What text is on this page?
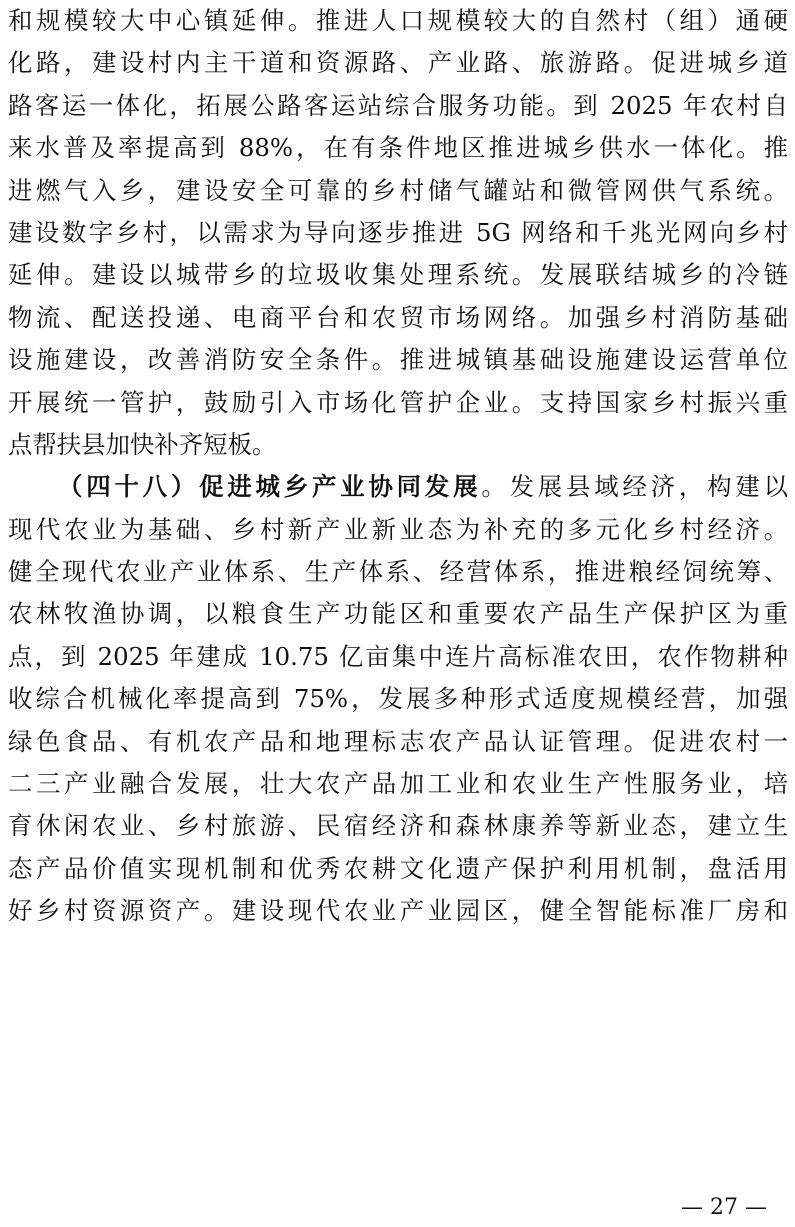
和规模较大中心镇延伸。推进人口规模较大的自然村（组）通硬
化路，建设村内主干道和资源路、产业路、旅游路。促进城乡道
路客运一体化，拓展公路客运站综合服务功能。到 2025 年农村自
来水普及率提高到 88%，在有条件地区推进城乡供水一体化。推
进燃气入乡，建设安全可靠的乡村储气罐站和微管网供气系统。
建设数字乡村，以需求为导向逐步推进 5G 网络和千兆光网向乡村
延伸。建设以城带乡的垃圾收集处理系统。发展联结城乡的冷链
物流、配送投递、电商平台和农贸市场网络。加强乡村消防基础
设施建设，改善消防安全条件。推进城镇基础设施建设运营单位
开展统一管护，鼓励引入市场化管护企业。支持国家乡村振兴重
点帮扶县加快补齐短板。
（四十八）促进城乡产业协同发展。发展县域经济，构建以
现代农业为基础、乡村新产业新业态为补充的多元化乡村经济。
健全现代农业产业体系、生产体系、经营体系，推进粮经饲统筹、
农林牧渔协调，以粮食生产功能区和重要农产品生产保护区为重
点，到 2025 年建成 10.75 亿亩集中连片高标准农田，农作物耕种
收综合机械化率提高到 75%，发展多种形式适度规模经营，加强
绿色食品、有机农产品和地理标志农产品认证管理。促进农村一
二三产业融合发展，壮大农产品加工业和农业生产性服务业，培
育休闲农业、乡村旅游、民宿经济和森林康养等新业态，建立生
态产品价值实现机制和优秀农耕文化遗产保护利用机制，盘活用
好乡村资源资产。建设现代农业产业园区，健全智能标准厂房和
— 27 —
